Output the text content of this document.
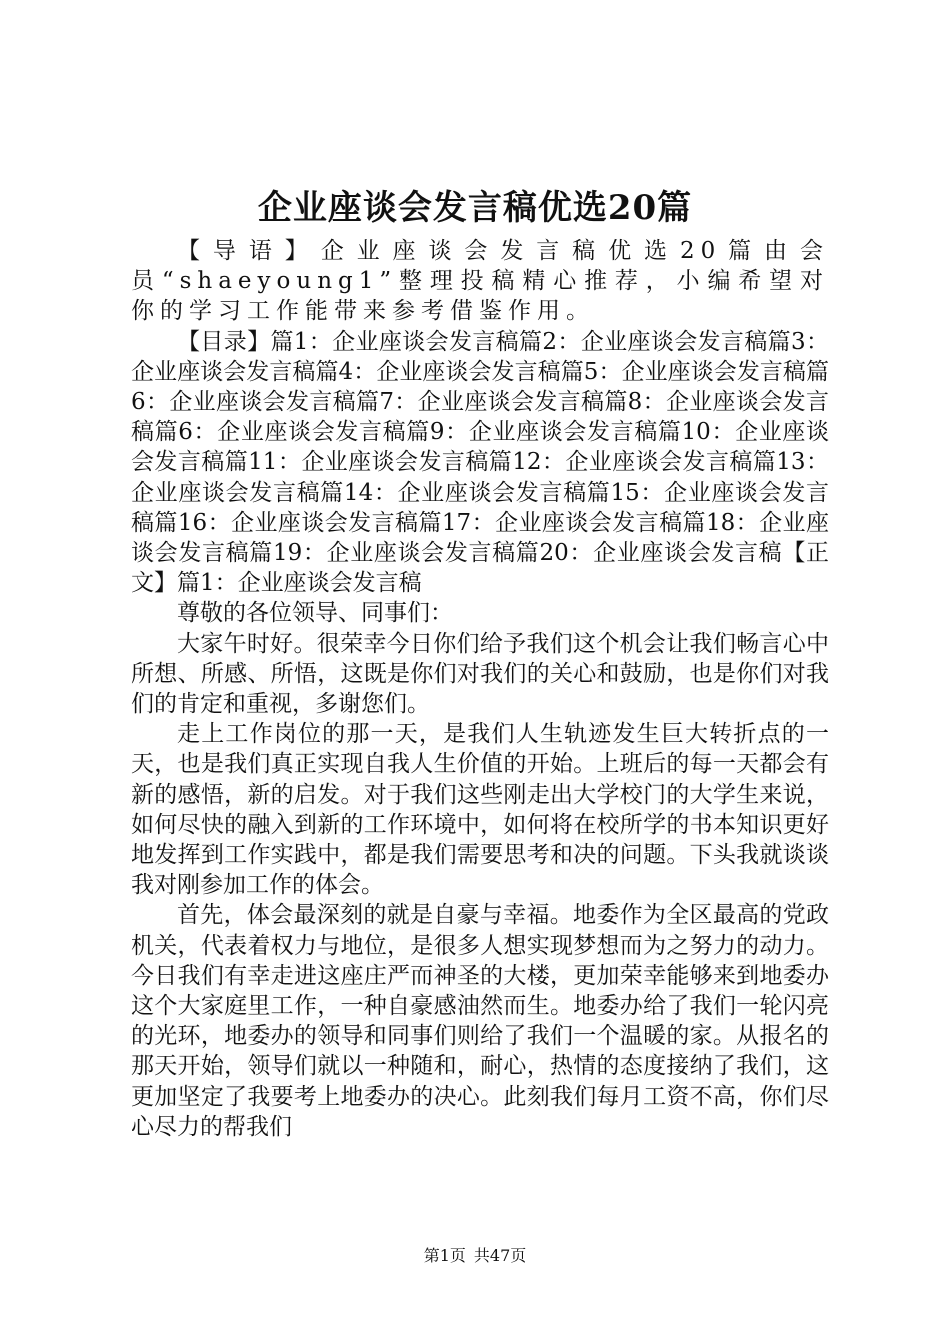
企业座谈会发言稿优选20篇

【导语】企业座谈会发言稿优选20篇由会员“shaeyoung1”整理投稿精心推荐，小编希望对你的学习工作能带来参考借鉴作用。

【目录】篇1：企业座谈会发言稿篇2：企业座谈会发言稿篇3：企业座谈会发言稿篇4：企业座谈会发言稿篇5：企业座谈会发言稿篇6：企业座谈会发言稿篇7：企业座谈会发言稿篇8：企业座谈会发言稿篇6：企业座谈会发言稿篇9：企业座谈会发言稿篇10：企业座谈会发言稿篇11：企业座谈会发言稿篇12：企业座谈会发言稿篇13：企业座谈会发言稿篇14：企业座谈会发言稿篇15：企业座谈会发言稿篇16：企业座谈会发言稿篇17：企业座谈会发言稿篇18：企业座谈会发言稿篇19：企业座谈会发言稿篇20：企业座谈会发言稿【正文】篇1：企业座谈会发言稿

尊敬的各位领导、同事们：

大家午时好。很荣幸今日你们给予我们这个机会让我们畅言心中所想、所感、所悟，这既是你们对我们的关心和鼓励，也是你们对我们的肯定和重视，多谢您们。

走上工作岗位的那一天，是我们人生轨迹发生巨大转折点的一天，也是我们真正实现自我人生价值的开始。上班后的每一天都会有新的感悟，新的启发。对于我们这些刚走出大学校门的大学生来说，如何尽快的融入到新的工作环境中，如何将在校所学的书本知识更好地发挥到工作实践中，都是我们需要思考和决的问题。下头我就谈谈我对刚参加工作的体会。

首先，体会最深刻的就是自豪与幸福。地委作为全区最高的党政机关，代表着权力与地位，是很多人想实现梦想而为之努力的动力。今日我们有幸走进这座庄严而神圣的大楼，更加荣幸能够来到地委办这个大家庭里工作，一种自豪感油然而生。地委办给了我们一轮闪亮的光环，地委办的领导和同事们则给了我们一个温暖的家。从报名的那天开始，领导们就以一种随和，耐心，热情的态度接纳了我们，这更加坚定了我要考上地委办的决心。此刻我们每月工资不高，你们尽心尽力的帮我们

第1页 共47页
